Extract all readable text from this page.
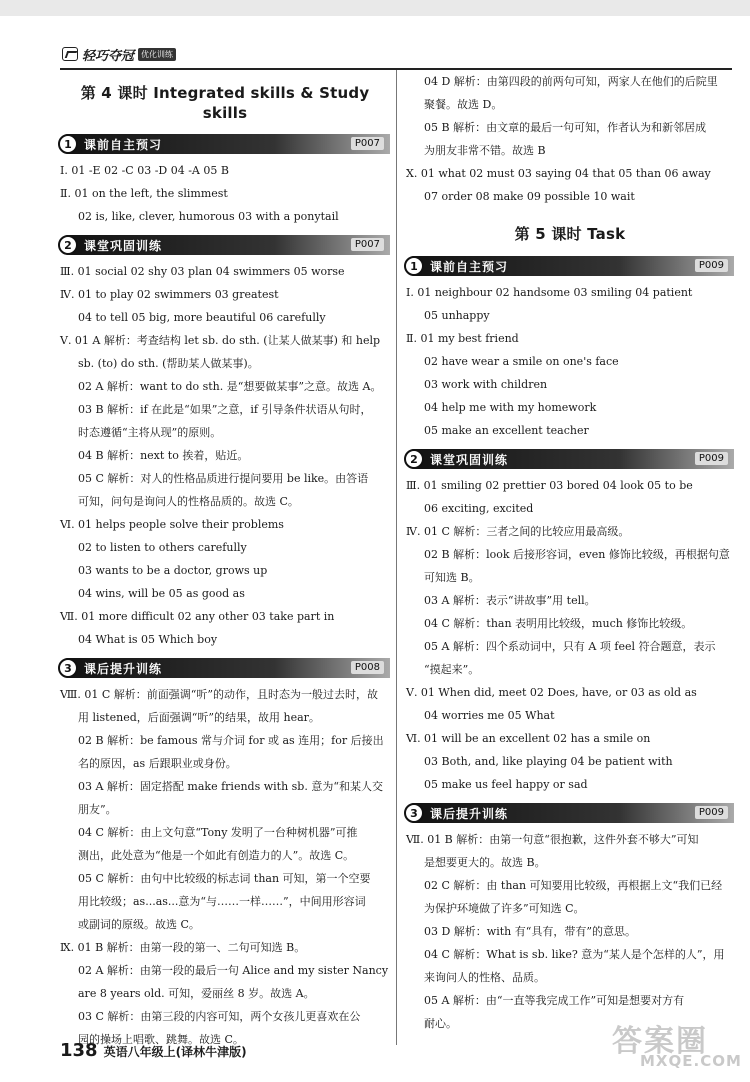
轻巧夺冠 优化训练
第 4 课时 Integrated skills & Study skills
1	课前自主预习	P007
Ⅰ. 01 -E 02 -C 03 -D 04 -A 05 B
Ⅱ. 01 on the left, the slimmest
02 is, like, clever, humorous 03 with a ponytail
2	课堂巩固训练	P007
Ⅲ. 01 social 02 shy 03 plan 04 swimmers 05 worse
Ⅳ. 01 to play 02 swimmers 03 greatest
04 to tell 05 big, more beautiful 06 carefully
Ⅴ. 01 A 解析：考查结构 let sb. do sth. (让某人做某事) 和 help
sb. (to) do sth. (帮助某人做某事)。
02 A 解析：want to do sth. 是“想要做某事”之意。故选 A。
03 B 解析：if 在此是“如果”之意，if 引导条件状语从句时，
时态遵循“主将从现”的原则。
04 B 解析：next to 挨着，贴近。
05 C 解析：对人的性格品质进行提问要用 be like。由答语
可知，问句是询问人的性格品质的。故选 C。
Ⅵ. 01 helps people solve their problems
02 to listen to others carefully
03 wants to be a doctor, grows up
04 wins, will be 05 as good as
Ⅶ. 01 more difficult 02 any other 03 take part in
04 What is 05 Which boy
3	课后提升训练	P008
Ⅷ. 01 C 解析：前面强调“听”的动作，且时态为一般过去时，故
用 listened，后面强调“听”的结果，故用 hear。
02 B 解析：be famous 常与介词 for 或 as 连用；for 后接出
名的原因，as 后跟职业或身份。
03 A 解析：固定搭配 make friends with sb. 意为“和某人交
朋友”。
04 C 解析：由上文句意“Tony 发明了一台种树机器”可推
测出，此处意为“他是一个如此有创造力的人”。故选 C。
05 C 解析：由句中比较级的标志词 than 可知，第一个空要
用比较级；as...as...意为“与……一样……”，中间用形容词
或副词的原级。故选 C。
Ⅸ. 01 B 解析：由第一段的第一、二句可知选 B。
02 A 解析：由第一段的最后一句 Alice and my sister Nancy
are 8 years old. 可知，爱丽丝 8 岁。故选 A。
03 C 解析：由第三段的内容可知，两个女孩儿更喜欢在公
园的操场上唱歌、跳舞。故选 C。
04 D 解析：由第四段的前两句可知，两家人在他们的后院里
聚餐。故选 D。
05 B 解析：由文章的最后一句可知，作者认为和新邻居成
为朋友非常不错。故选 B
Ⅹ. 01 what 02 must 03 saying 04 that 05 than 06 away
07 order 08 make 09 possible 10 wait
第 5 课时 Task
1	课前自主预习	P009
Ⅰ. 01 neighbour 02 handsome 03 smiling 04 patient
05 unhappy
Ⅱ. 01 my best friend
02 have wear a smile on one's face
03 work with children
04 help me with my homework
05 make an excellent teacher
2	课堂巩固训练	P009
Ⅲ. 01 smiling 02 prettier 03 bored 04 look 05 to be
06 exciting, excited
Ⅳ. 01 C 解析：三者之间的比较应用最高级。
02 B 解析：look 后接形容词，even 修饰比较级，再根据句意
可知选 B。
03 A 解析：表示“讲故事”用 tell。
04 C 解析：than 表明用比较级，much 修饰比较级。
05 A 解析：四个系动词中，只有 A 项 feel 符合题意，表示
“摸起来”。
Ⅴ. 01 When did, meet 02 Does, have, or 03 as old as
04 worries me 05 What
Ⅵ. 01 will be an excellent 02 has a smile on
03 Both, and, like playing 04 be patient with
05 make us feel happy or sad
3	课后提升训练	P009
Ⅶ. 01 B 解析：由第一句意“很抱歉，这件外套不够大”可知
是想要更大的。故选 B。
02 C 解析：由 than 可知要用比较级，再根据上文“我们已经
为保护环境做了许多”可知选 C。
03 D 解析：with 有“具有，带有”的意思。
04 C 解析：What is sb. like? 意为“某人是个怎样的人”，用
来询问人的性格、品质。
05 A 解析：由“一直等我完成工作”可知是想要对方有
耐心。
138 英语八年级上(译林牛津版)	答案圈
MXQE.COM
